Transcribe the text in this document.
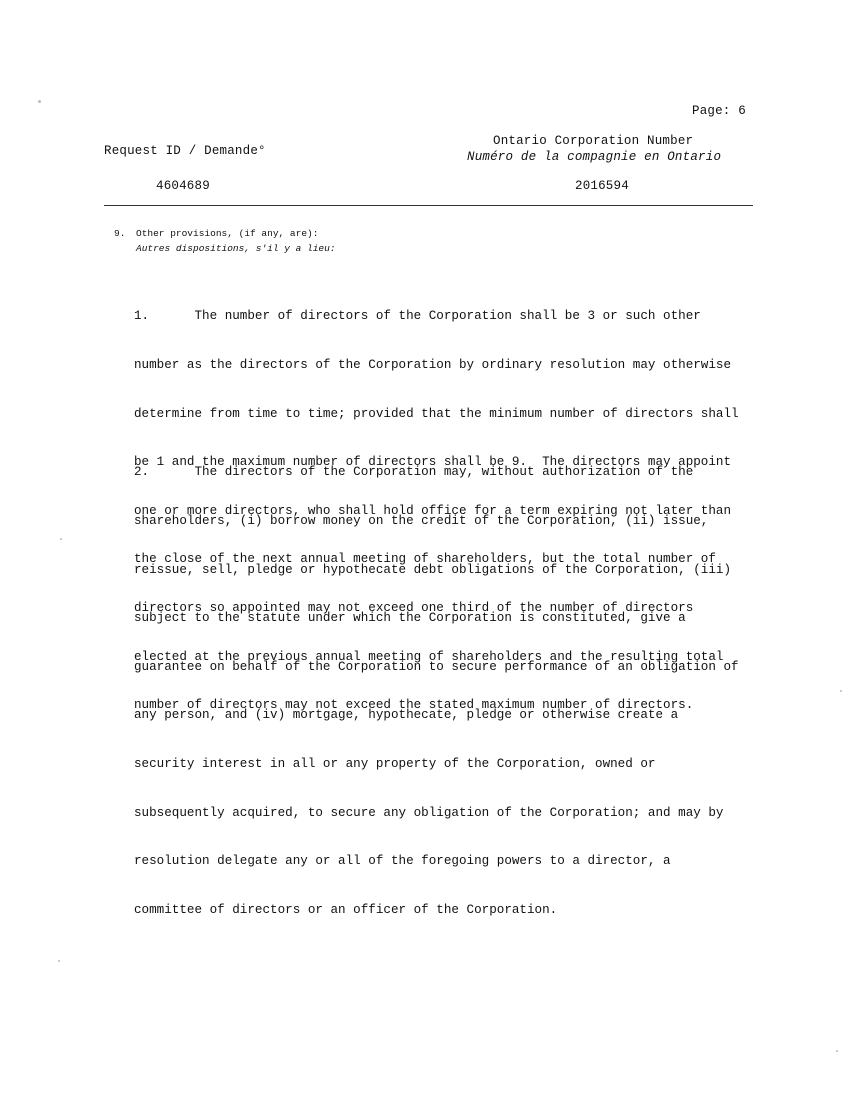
Page: 6
Request ID / Demande°
Ontario Corporation Number
Numéro de la compagnie en Ontario
4604689	2016594
9. Other provisions, (if any, are):
Autres dispositions, s'il y a lieu:

1.      The number of directors of the Corporation shall be 3 or such other

number as the directors of the Corporation by ordinary resolution may otherwise

determine from time to time; provided that the minimum number of directors shall

be 1 and the maximum number of directors shall be 9.  The directors may appoint

one or more directors, who shall hold office for a term expiring not later than

the close of the next annual meeting of shareholders, but the total number of

directors so appointed may not exceed one third of the number of directors

elected at the previous annual meeting of shareholders and the resulting total

number of directors may not exceed the stated maximum number of directors.

2.      The directors of the Corporation may, without authorization of the

shareholders, (i) borrow money on the credit of the Corporation, (ii) issue,

reissue, sell, pledge or hypothecate debt obligations of the Corporation, (iii)

subject to the statute under which the Corporation is constituted, give a

guarantee on behalf of the Corporation to secure performance of an obligation of

any person, and (iv) mortgage, hypothecate, pledge or otherwise create a

security interest in all or any property of the Corporation, owned or

subsequently acquired, to secure any obligation of the Corporation; and may by

resolution delegate any or all of the foregoing powers to a director, a

committee of directors or an officer of the Corporation.
